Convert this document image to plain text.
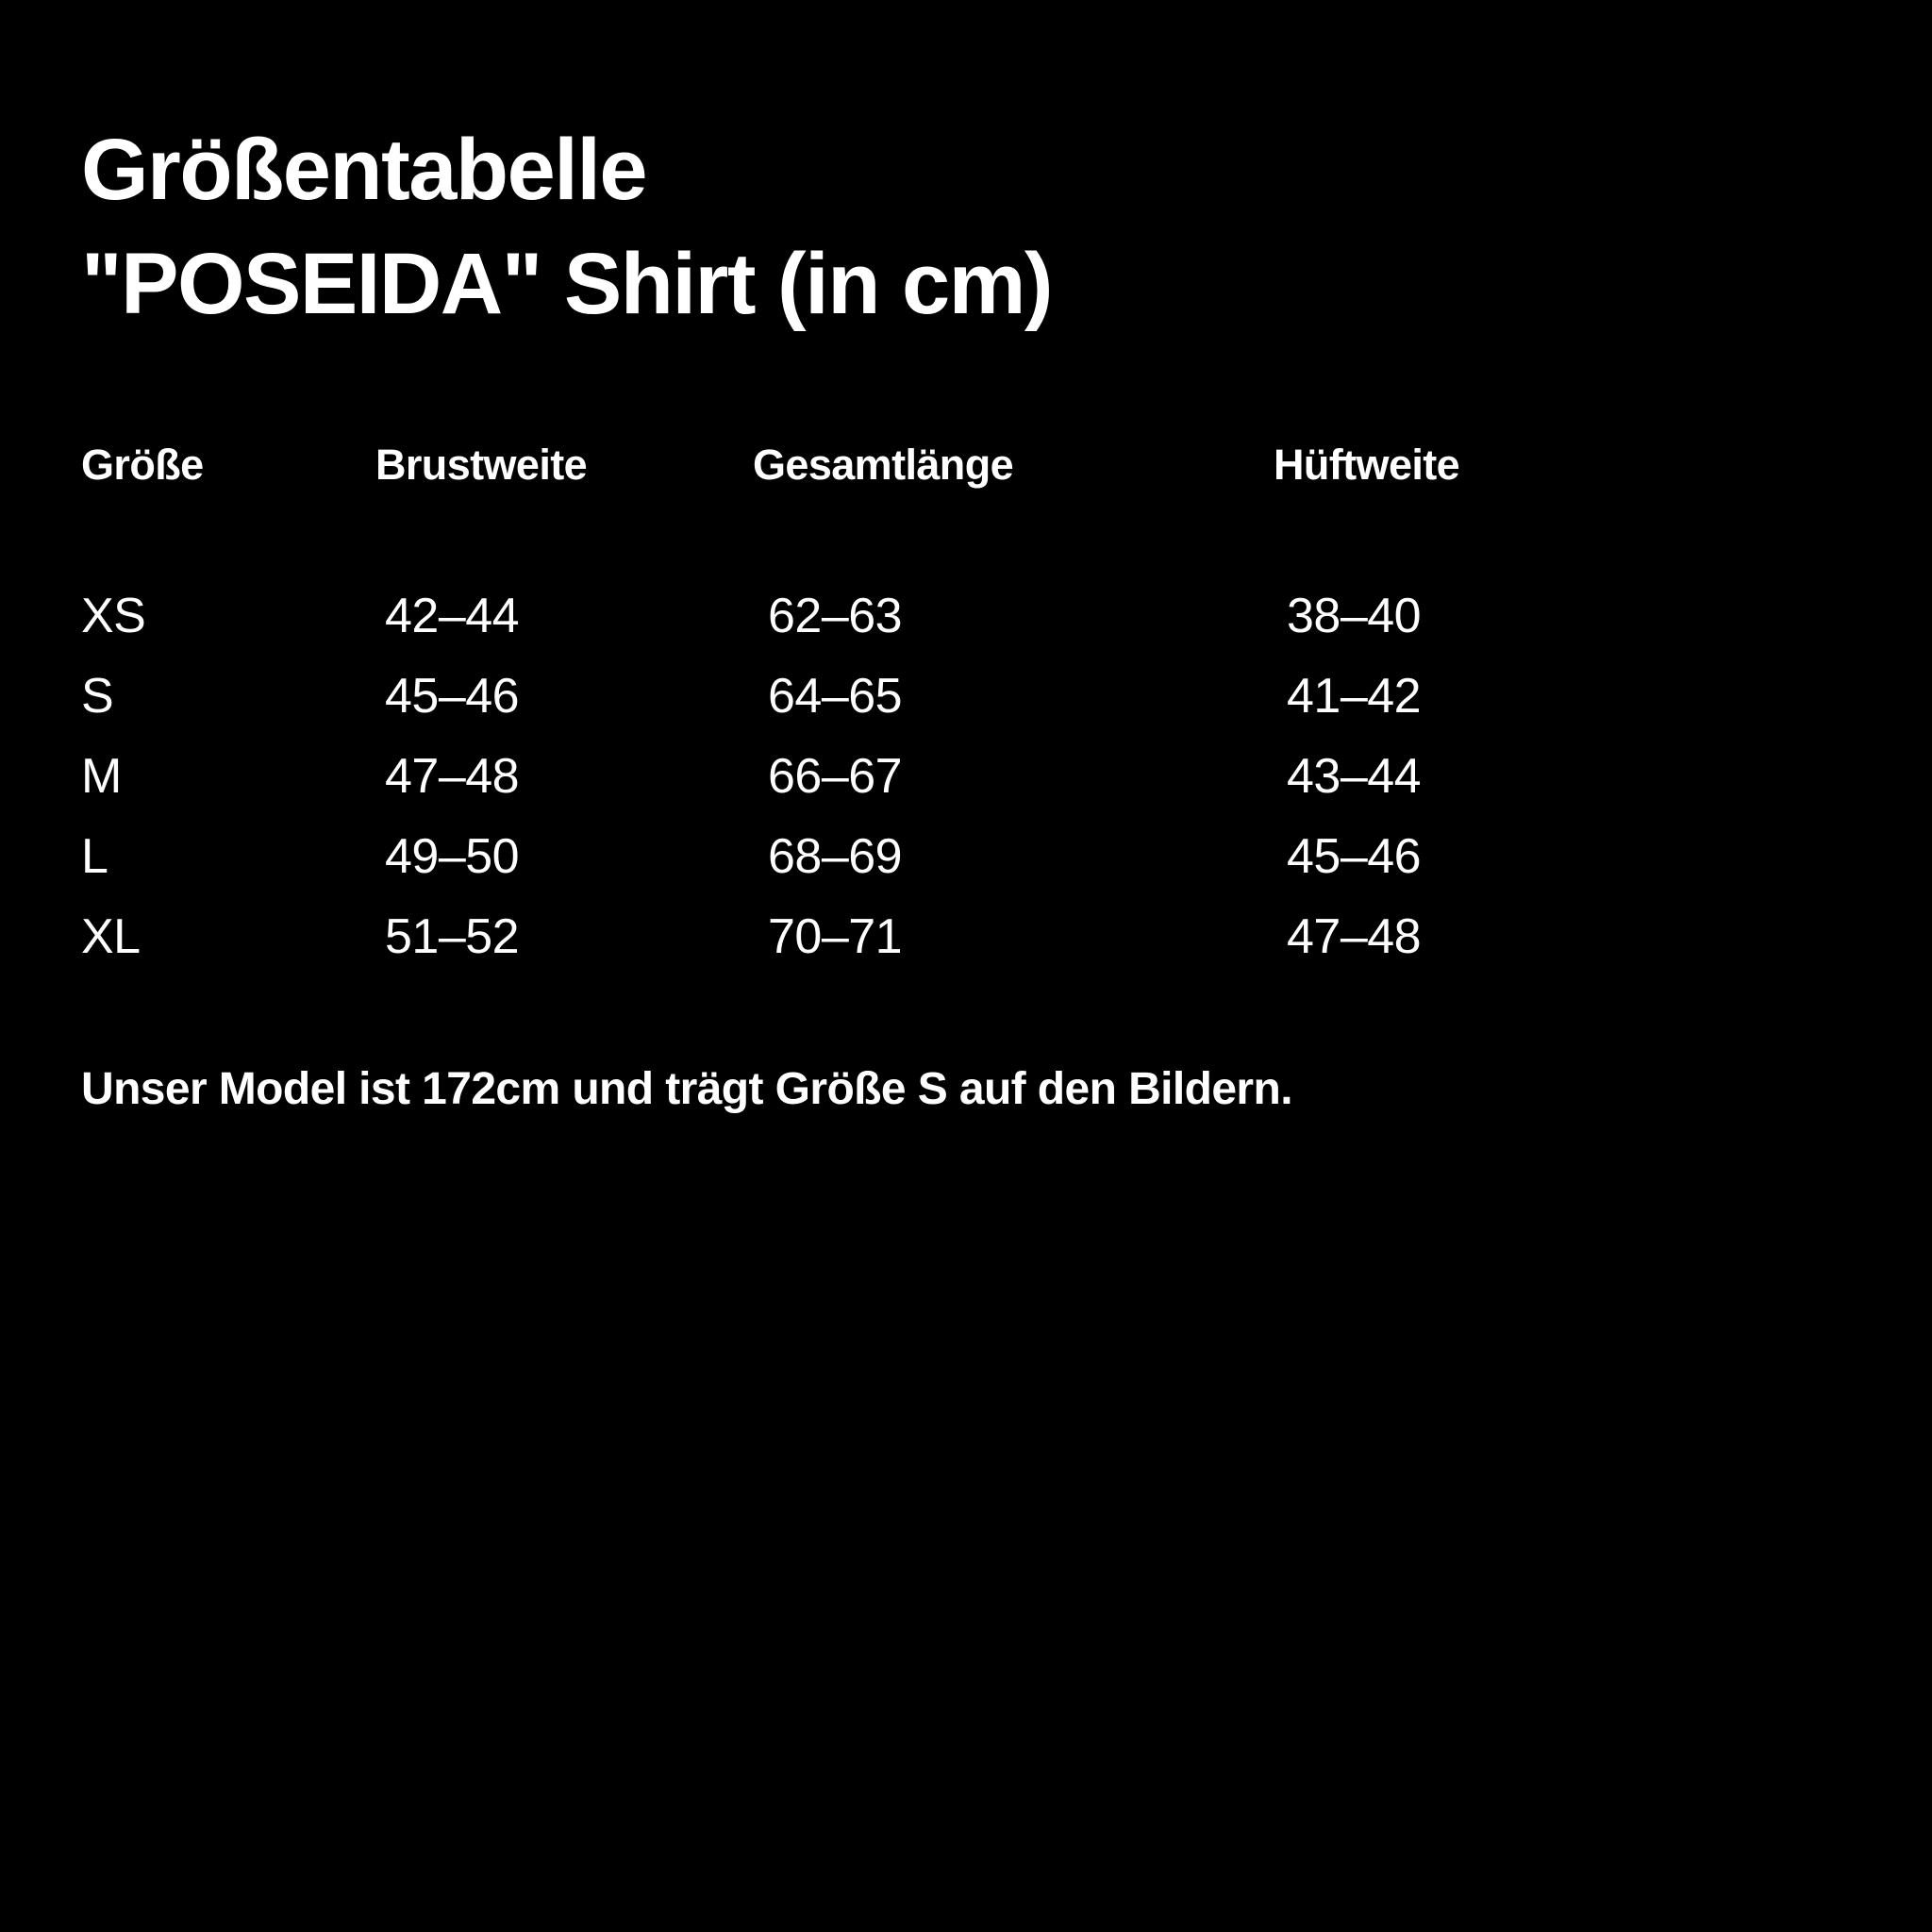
Größentabelle
"POSEIDA" Shirt (in cm)
Größe	Brustweite	Gesamtlänge	Hüftweite

XS	42–44	62–63	38–40
S	45–46	64–65	41–42
M	47–48	66–67	43–44
L	49–50	68–69	45–46
XL	51–52	70–71	47–48
Unser Model ist 172cm und trägt Größe S auf den Bildern.
